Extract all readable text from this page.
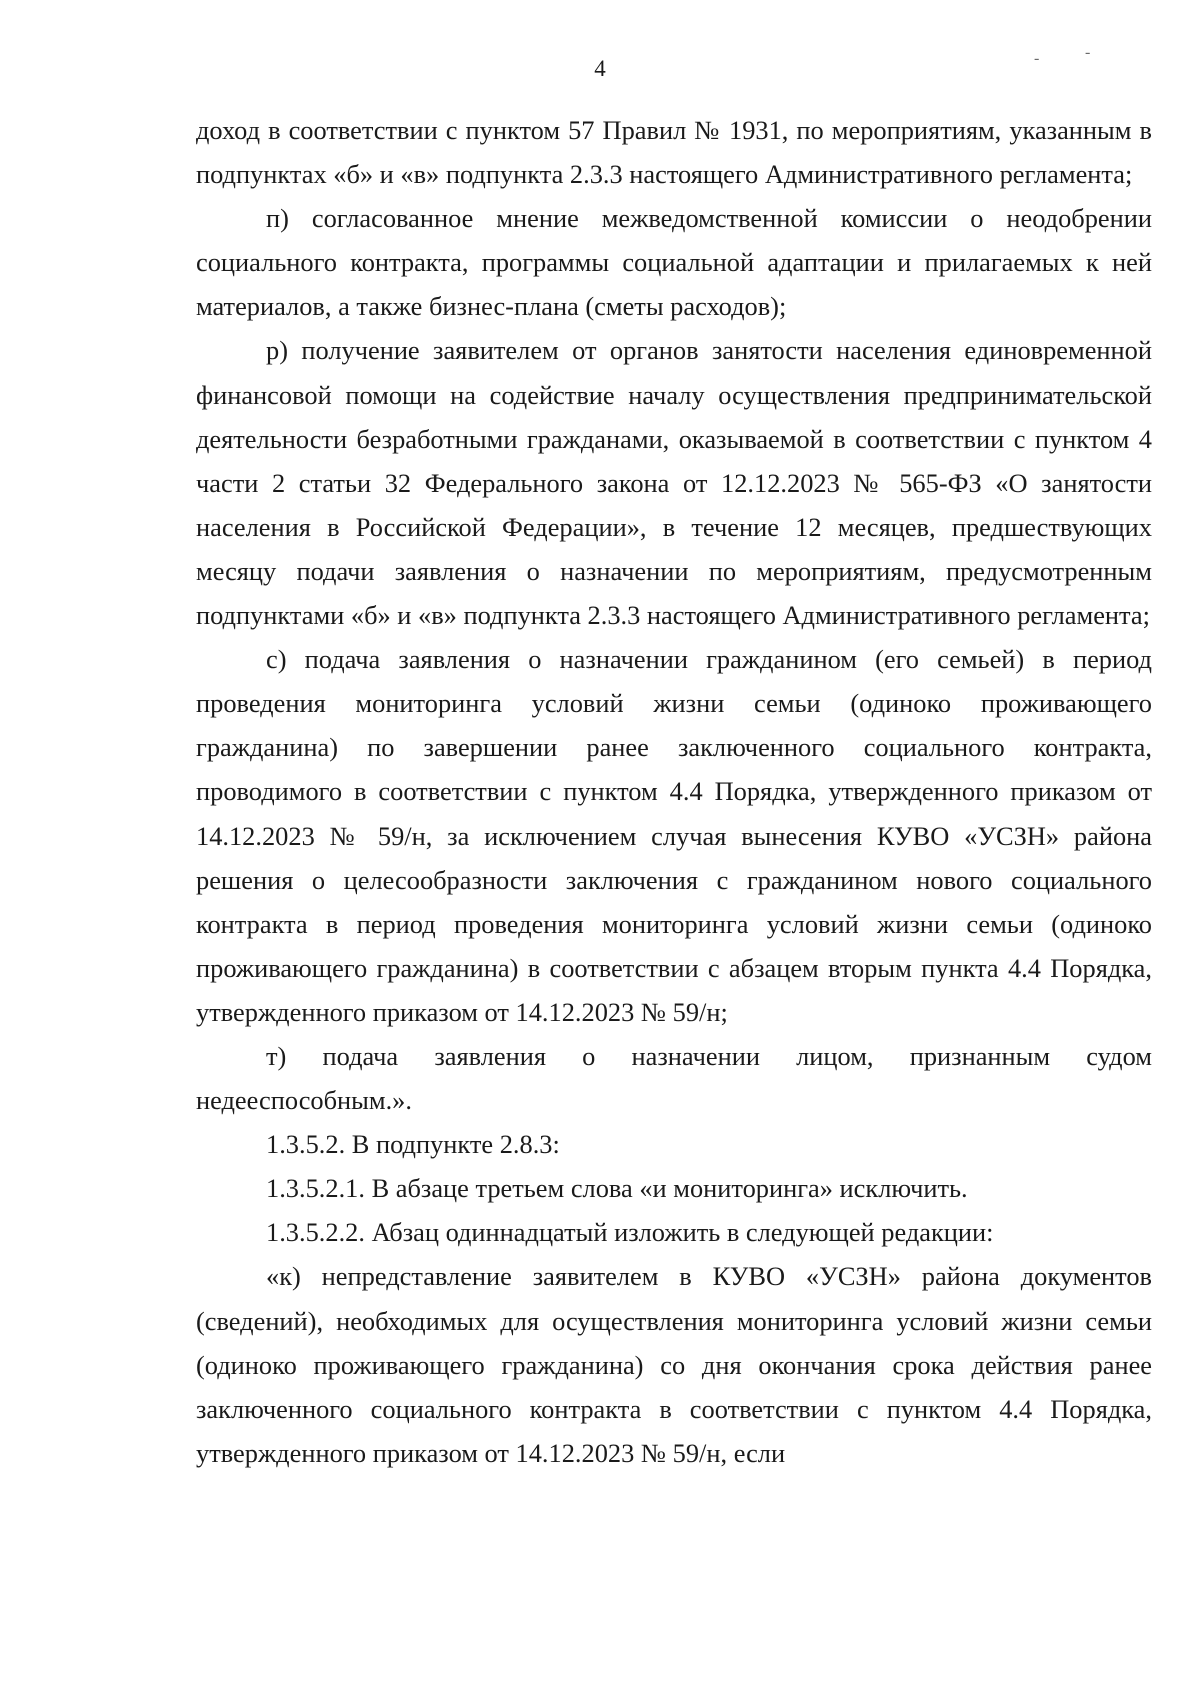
4	-	-

доход в соответствии с пунктом 57 Правил № 1931, по мероприятиям, указанным в подпунктах «б» и «в» подпункта 2.3.3 настоящего Административного регламента;

п) согласованное мнение межведомственной комиссии о неодобрении социального контракта, программы социальной адаптации и прилагаемых к ней материалов, а также бизнес-плана (сметы расходов);

р) получение заявителем от органов занятости населения единовременной финансовой помощи на содействие началу осуществления предпринимательской деятельности безработными гражданами, оказываемой в соответствии с пунктом 4 части 2 статьи 32 Федерального закона от 12.12.2023 № 565-ФЗ «О занятости населения в Российской Федерации», в течение 12 месяцев, предшествующих месяцу подачи заявления о назначении по мероприятиям, предусмотренным подпунктами «б» и «в» подпункта 2.3.3 настоящего Административного регламента;

с) подача заявления о назначении гражданином (его семьей) в период проведения мониторинга условий жизни семьи (одиноко проживающего гражданина) по завершении ранее заключенного социального контракта, проводимого в соответствии с пунктом 4.4 Порядка, утвержденного приказом от 14.12.2023 № 59/н, за исключением случая вынесения КУВО «УСЗН» района решения о целесообразности заключения с гражданином нового социального контракта в период проведения мониторинга условий жизни семьи (одиноко проживающего гражданина) в соответствии с абзацем вторым пункта 4.4 Порядка, утвержденного приказом от 14.12.2023 № 59/н;

т) подача заявления о назначении лицом, признанным судом недееспособным.».

1.3.5.2. В подпункте 2.8.3:

1.3.5.2.1. В абзаце третьем слова «и мониторинга» исключить.

1.3.5.2.2. Абзац одиннадцатый изложить в следующей редакции:

«к) непредставление заявителем в КУВО «УСЗН» района документов (сведений), необходимых для осуществления мониторинга условий жизни семьи (одиноко проживающего гражданина) со дня окончания срока действия ранее заключенного социального контракта в соответствии с пунктом 4.4 Порядка, утвержденного приказом от 14.12.2023 № 59/н, если
